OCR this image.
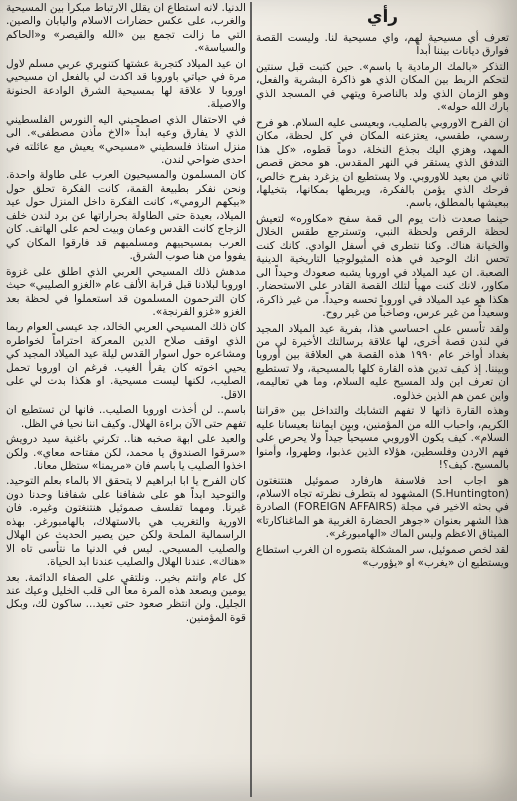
رأي

تعرف أي مسيحية لهم، واي مسيحية لنا. وليست القصة فوارق ديانات بيننا أبداً

التذكر «بالمك الرمادية يا باسم». حين كتبت قبل سنتين لتحكم الربط بين المكان الذي هو ذاكرة البشرية والفعل، وهو الزمان الذي ولد بالناصرة ويتهي في المسجد الذي بارك الله حوله».

ان الفرح الاوروبي بالصليب، وبعيسى عليه السلام. هو فرح رسمي، طقسي، يعتزعنه المكان في كل لحظة، مكان المهد، وهزي اليك بجذع النخلة، دوماً قطوه، «كل هذا التدفق الذي يستقر في النهر المقدس. هو محض قصص ثاني من بعيد للاوروبي. ولا يستطيع ان يزغرد بفرح خالص، فرحك الذي يؤمن بالفكرة، ويربطها بمكانها، بتخيلها، ببعيشها بالمطلق، باسم.

حينما صعدت ذات يوم الى قمة سفح «مكاوره» لتعيش لحظة الرقص ولحظة النبي، وتسترجع طقس الخلال والخيانة هناك. وكنا نتطرى في أسفل الوادي. كانك كنت تحس انك الوحيد في هذه المثيولوجيا التاريخية الدينية الصعبة. ان عيد الميلاد في اوروبا يشبه صعودك وحيداً الى مكاور، لانك كنت مهيأ لتلك القصة القادر على الاستحضار. هكذا هو عيد الميلاد في اوروبا تحسه وحيداً. من غير ذاكرة، وسعيداً من غير عرس، وصاخباً من غير روح.

ولقد تأسس على احساسي هذا، بفرية عيد الميلاد المجيد في لندن قصة أخرى، لها علاقة برسالتك الأخيرة لي من بغداد أواخر عام ١٩٩٠ هذه القصة هي العلاقة بين أوروبا وبيننا. إذ كيف تدين هذه القارة كلها بالمسيحية، ولا تستطيع ان تعرف اين ولد المسيح عليه السلام، وما هي تعاليمه، واين عمن هم الذين خذلوه.

وهذه القارة ذاتها لا تفهم التشابك والتداخل بين «قراننا الكريم، واحباب الله من المؤمنين، وبين ايماننا بعيسانا عليه السلام». كيف يكون الاوروبي مسيحياً جيداً ولا يحرص على فهم الاردن وفلسطين، هؤلاء الذين عذبوا، وطهروا، وأمنوا بالمسيح. كيف؟!

هو اجاب احد فلاسفة هارفارد صموئيل هنتنغتون (S.Huntington) المشهود له بتطرف نظرته تجاه الاسلام، في بحثه الاخير في مجلة (FOREIGN AFFAIRS) الصادرة هذا الشهر بعنوان «جوهر الحضارة الغربية هو الماغناكارتا» الميثاق الاعظم وليس الماك «الهامبورغر».

لقد لخص صموئيل، سر المشكلة بتصوره ان الغرب استطاع ويستطيع ان «يغرب» او «يؤورب»

الدنيا. لانه استطاع ان يقلل الارتباط مبكراً بين المسيحية والغرب، على عكس حضارات الاسلام واليابان والصين. التي ما زالت تجمع بين «الله والقيصر» و«الحاكم والسياسة».

ان عيد الميلاد كتجربة عشتها كتنويري عربي مسلم لاول مرة في حياتي باوروبا قد اكدت لي بالفعل ان مسيحيي اوروبا لا علاقة لها بمسيحية الشرق الوادعة الحنونة والاصيلة.

في الاحتفال الذي اصطحبني اليه النورس الفلسطيني الذي لا يفارق وعيه ابداً «الاخ مأذن مصطفى». الى منزل استاذ فلسطيني «مسيحي» يعيش مع عائلته في احدى ضواحي لندن.

كان المسلمون والمسيحيون العرب على طاولة واحدة. ونحن نفكر بطبيعة القمة، كانت الفكرة تحلق حول «بيكهم الرومي»، كانت الفكرة داخل المنزل حول عيد الميلاد، بعيدة حتى الطاولة بحراراتها عن برد لندن خلف الزجاج كانت القدس وعمان وبيت لحم على الهاتف. كان العرب بمسيحييهم ومسلميهم قد فارقوا المكان كي يفووا من هنا صوب الشرق.

مدهش ذلك المسيحي العربي الذي اطلق على غزوة اوروبا لبلادنا قبل قرابة الألف عام «الغزو الصليبي» حيث كان الترحمون المسلمون قد استعملوا في لحظة بعد الغزو «غزو الفرنجة».

كان ذلك المسيحي العربي الخالد، جد عيسى العوام ربما الذي اوقف صلاح الدين المعركة احتراماً لخواطره ومشاعره حول اسوار القدس ليلة عيد الميلاد المجيد كي يحيي اخوته كان يقرأ الغيب. فرغم ان اوروبا تحمل الصليب، لكنها ليست مسيحية. او هكذا بدت لي على الاقل.

باسم.. لن أخذت اوروبا الصليب.. فانها لن تستطيع ان تفهم حتى الآن براءة الهلال. وكيف اننا نحيا في الظل.

والعيد على ابهة صخبه هنا.. تكرني باغنية سيد درويش «سرقوا الصندوق يا محمد، لكن مفتاحه معاي». ولكن اخذوا الصليب يا باسم فان «مريمنا» ستظل معانا.

كان الفرح يا ابا ابراهيم لا يتحقق الا بالماء بعلم التوحيد. والتوحيد ابداً هو على شفافنا على شفافنا وحدنا دون غيرنا. ومهما تفلسف صموئيل هنتنغتون وغيره. فان الاورية والتغريب هي بالاستهلاك، بالهامبورغر. بهذه الراسمالية الملحة ولكن حين يصير الحديث عن الهلال والصليب المسيحي. ليس في الدنيا ما نتأسى تاه الا «هناك». عندنا الهلال والصليب عندنا ابد الحياة.

كل عام وانتم بخير.. ونلتقي على الصفاء الدائمة. بعد يومين وبصعد هذه المرة معاً الى قلب الخليل وعيك عند الجليل. ولن انتظر صعود حتى تعيد... ساكون لك، وبكل قوة المؤمنين.
